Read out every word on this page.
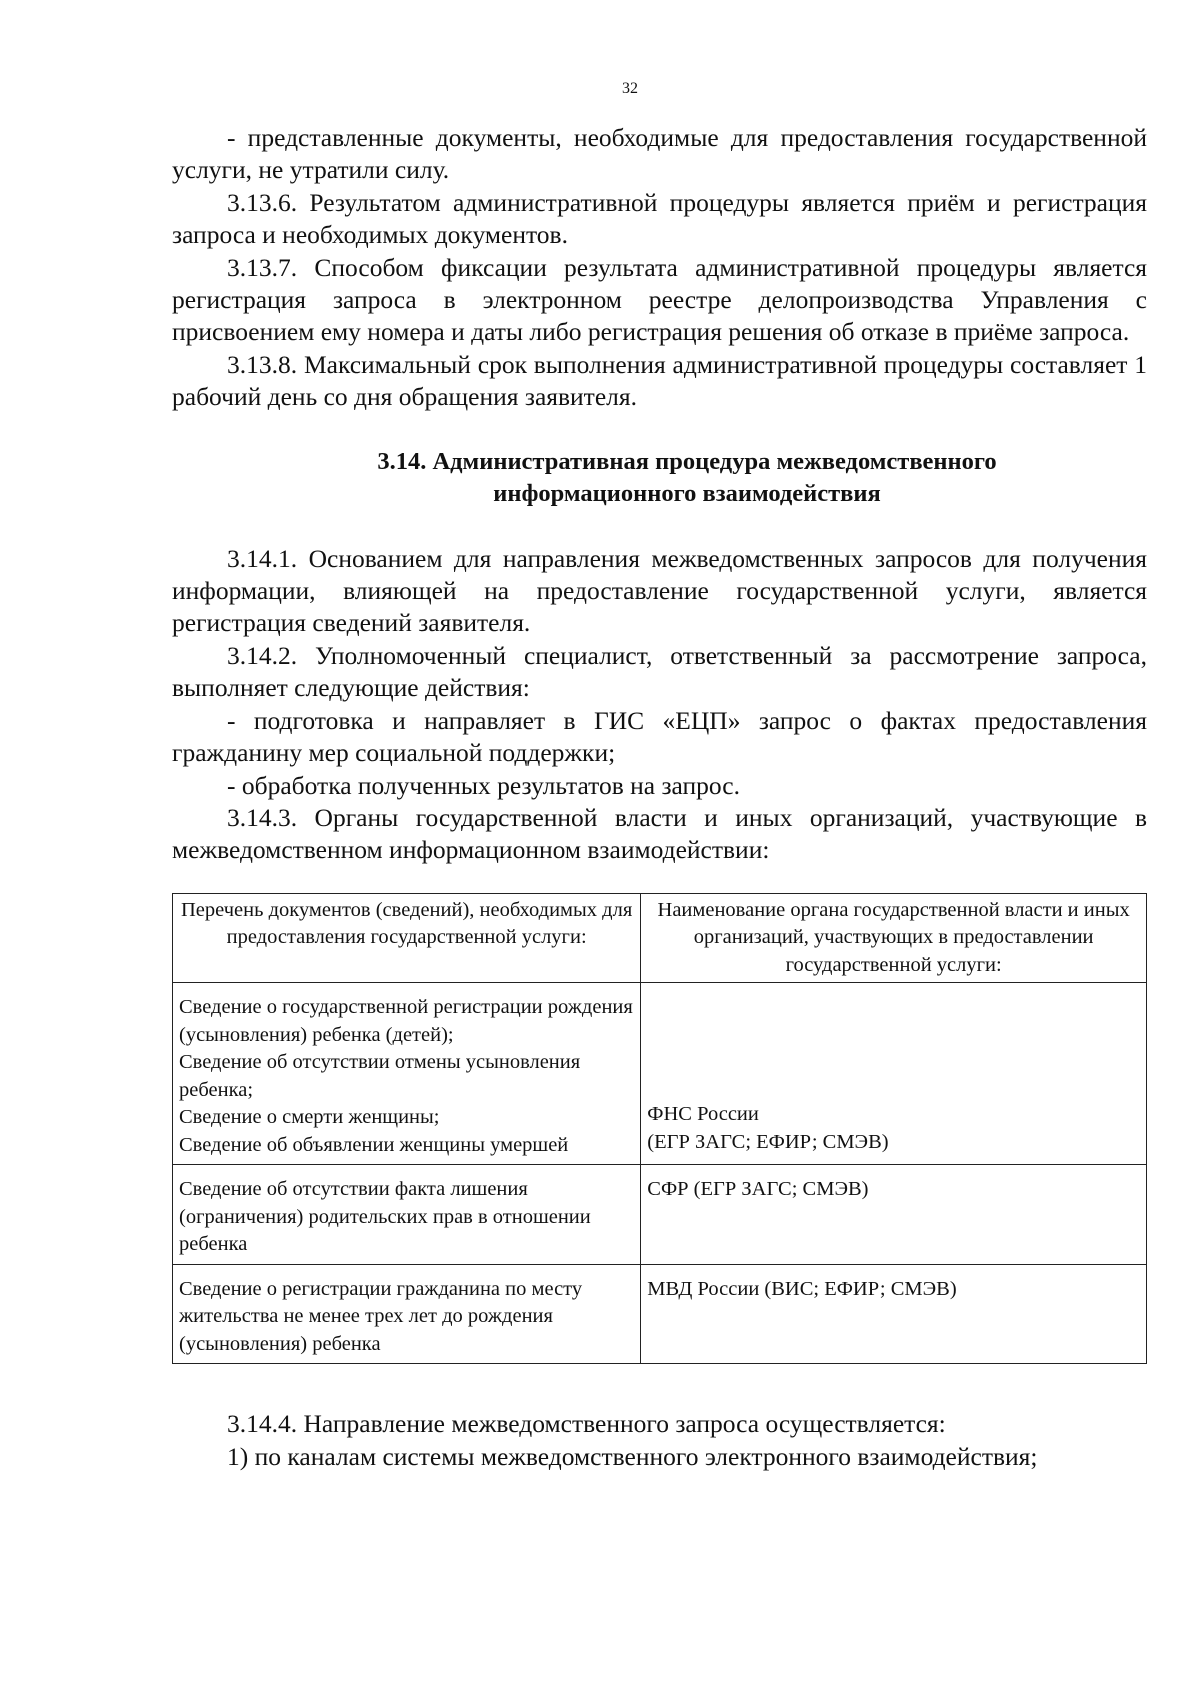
32

- представленные документы, необходимые для предоставления государственной услуги, не утратили силу.

3.13.6. Результатом административной процедуры является приём и регистрация запроса и необходимых документов.

3.13.7. Способом фиксации результата административной процедуры является регистрация запроса в электронном реестре делопроизводства Управления с присвоением ему номера и даты либо регистрация решения об отказе в приёме запроса.

3.13.8. Максимальный срок выполнения административной процедуры составляет 1 рабочий день со дня обращения заявителя.

3.14. Административная процедура межведомственного
информационного взаимодействия

3.14.1. Основанием для направления межведомственных запросов для получения информации, влияющей на предоставление государственной услуги, является регистрация сведений заявителя.

3.14.2. Уполномоченный специалист, ответственный за рассмотрение запроса, выполняет следующие действия:

- подготовка и направляет в ГИС «ЕЦП» запрос о фактах предоставления гражданину мер социальной поддержки;

- обработка полученных результатов на запрос.

3.14.3. Органы государственной власти и иных организаций, участвующие в межведомственном информационном взаимодействии:

Перечень документов (сведений), необходимых для предоставления государственной услуги:	Наименование органа государственной власти и иных организаций, участвующих в предоставлении государственной услуги:

Сведение о государственной регистрации рождения (усыновления) ребенка (детей);
Сведение об отсутствии отмены усыновления ребенка;
Сведение о смерти женщины;
Сведение об объявлении женщины умершей	ФНС России
(ЕГР ЗАГС; ЕФИР; СМЭВ)

Сведение об отсутствии факта лишения (ограничения) родительских прав в отношении ребенка	СФР (ЕГР ЗАГС; СМЭВ)

Сведение о регистрации гражданина по месту жительства не менее трех лет до рождения (усыновления) ребенка	МВД России (ВИС; ЕФИР; СМЭВ)

3.14.4. Направление межведомственного запроса осуществляется:

1) по каналам системы межведомственного электронного взаимодействия;
